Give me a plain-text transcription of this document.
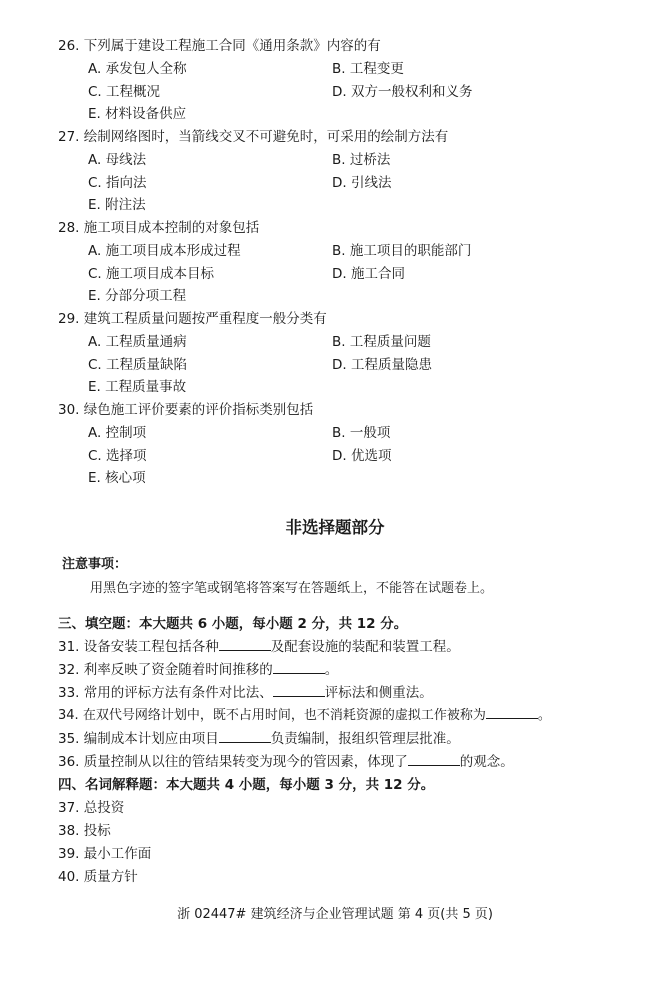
26. 下列属于建设工程施工合同《通用条款》内容的有
A. 承发包人全称	B. 工程变更
C. 工程概况	D. 双方一般权利和义务
E. 材料设备供应
27. 绘制网络图时，当箭线交叉不可避免时，可采用的绘制方法有
A. 母线法	B. 过桥法
C. 指向法	D. 引线法
E. 附注法
28. 施工项目成本控制的对象包括
A. 施工项目成本形成过程	B. 施工项目的职能部门
C. 施工项目成本目标	D. 施工合同
E. 分部分项工程
29. 建筑工程质量问题按严重程度一般分类有
A. 工程质量通病	B. 工程质量问题
C. 工程质量缺陷	D. 工程质量隐患
E. 工程质量事故
30. 绿色施工评价要素的评价指标类别包括
A. 控制项	B. 一般项
C. 选择项	D. 优选项
E. 核心项
非选择题部分
注意事项：
用黑色字迹的签字笔或钢笔将答案写在答题纸上，不能答在试题卷上。
三、填空题：本大题共 6 小题，每小题 2 分，共 12 分。
31. 设备安装工程包括各种	及配套设施的装配和装置工程。
32. 利率反映了资金随着时间推移的	。
33. 常用的评标方法有条件对比法、	评标法和侧重法。
34. 在双代号网络计划中，既不占用时间，也不消耗资源的虚拟工作被称为	。
35. 编制成本计划应由项目	负责编制，报组织管理层批准。
36. 质量控制从以往的管结果转变为现今的管因素，体现了	的观念。
四、名词解释题：本大题共 4 小题，每小题 3 分，共 12 分。
37. 总投资
38. 投标
39. 最小工作面
40. 质量方针
浙 02447# 建筑经济与企业管理试题 第 4 页(共 5 页)
